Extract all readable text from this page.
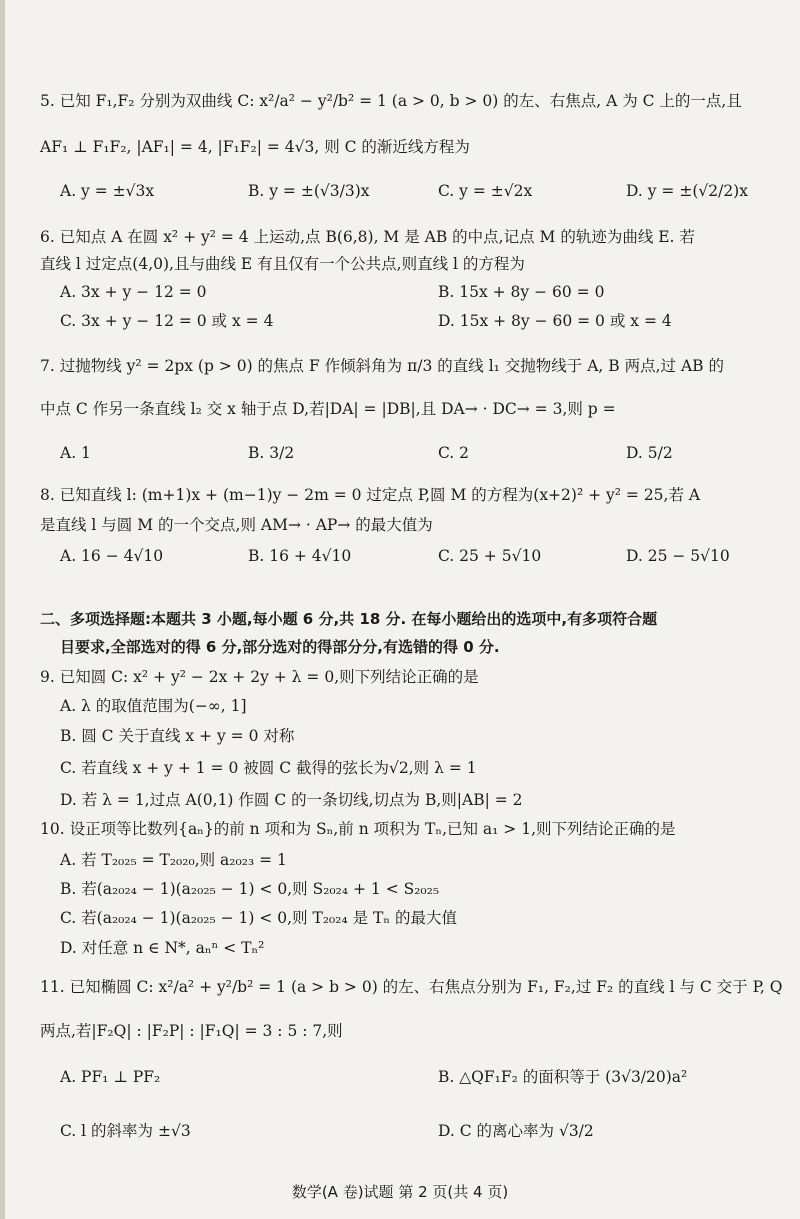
5. 已知 F₁,F₂ 分别为双曲线 C: x²/a² − y²/b² = 1 (a > 0, b > 0) 的左、右焦点, A 为 C 上的一点,且
AF₁ ⊥ F₁F₂, |AF₁| = 4, |F₁F₂| = 4√3, 则 C 的渐近线方程为
A. y = ±√3x	B. y = ±(√3/3)x	C. y = ±√2x	D. y = ±(√2/2)x
6. 已知点 A 在圆 x² + y² = 4 上运动,点 B(6,8), M 是 AB 的中点,记点 M 的轨迹为曲线 E. 若
直线 l 过定点(4,0),且与曲线 E 有且仅有一个公共点,则直线 l 的方程为
A. 3x + y − 12 = 0	B. 15x + 8y − 60 = 0
C. 3x + y − 12 = 0 或 x = 4	D. 15x + 8y − 60 = 0 或 x = 4
7. 过抛物线 y² = 2px (p > 0) 的焦点 F 作倾斜角为 π/3 的直线 l₁ 交抛物线于 A, B 两点,过 AB 的
中点 C 作另一条直线 l₂ 交 x 轴于点 D,若|DA| = |DB|,且 DA→ · DC→ = 3,则 p =
A. 1	B. 3/2	C. 2	D. 5/2
8. 已知直线 l: (m+1)x + (m−1)y − 2m = 0 过定点 P,圆 M 的方程为(x+2)² + y² = 25,若 A
是直线 l 与圆 M 的一个交点,则 AM→ · AP→ 的最大值为
A. 16 − 4√10	B. 16 + 4√10	C. 25 + 5√10	D. 25 − 5√10
二、多项选择题:本题共 3 小题,每小题 6 分,共 18 分. 在每小题给出的选项中,有多项符合题
目要求,全部选对的得 6 分,部分选对的得部分分,有选错的得 0 分.
9. 已知圆 C: x² + y² − 2x + 2y + λ = 0,则下列结论正确的是
A. λ 的取值范围为(−∞, 1]
B. 圆 C 关于直线 x + y = 0 对称
C. 若直线 x + y + 1 = 0 被圆 C 截得的弦长为√2,则 λ = 1
D. 若 λ = 1,过点 A(0,1) 作圆 C 的一条切线,切点为 B,则|AB| = 2
10. 设正项等比数列{aₙ}的前 n 项和为 Sₙ,前 n 项积为 Tₙ,已知 a₁ > 1,则下列结论正确的是
A. 若 T₂₀₂₅ = T₂₀₂₀,则 a₂₀₂₃ = 1
B. 若(a₂₀₂₄ − 1)(a₂₀₂₅ − 1) < 0,则 S₂₀₂₄ + 1 < S₂₀₂₅
C. 若(a₂₀₂₄ − 1)(a₂₀₂₅ − 1) < 0,则 T₂₀₂₄ 是 Tₙ 的最大值
D. 对任意 n ∈ N*, aₙⁿ < Tₙ²
11. 已知椭圆 C: x²/a² + y²/b² = 1 (a > b > 0) 的左、右焦点分别为 F₁, F₂,过 F₂ 的直线 l 与 C 交于 P, Q
两点,若|F₂Q| : |F₂P| : |F₁Q| = 3 : 5 : 7,则
A. PF₁ ⊥ PF₂	B. △QF₁F₂ 的面积等于 (3√3/20)a²
C. l 的斜率为 ±√3	D. C 的离心率为 √3/2
数学(A 卷)试题 第 2 页(共 4 页)
